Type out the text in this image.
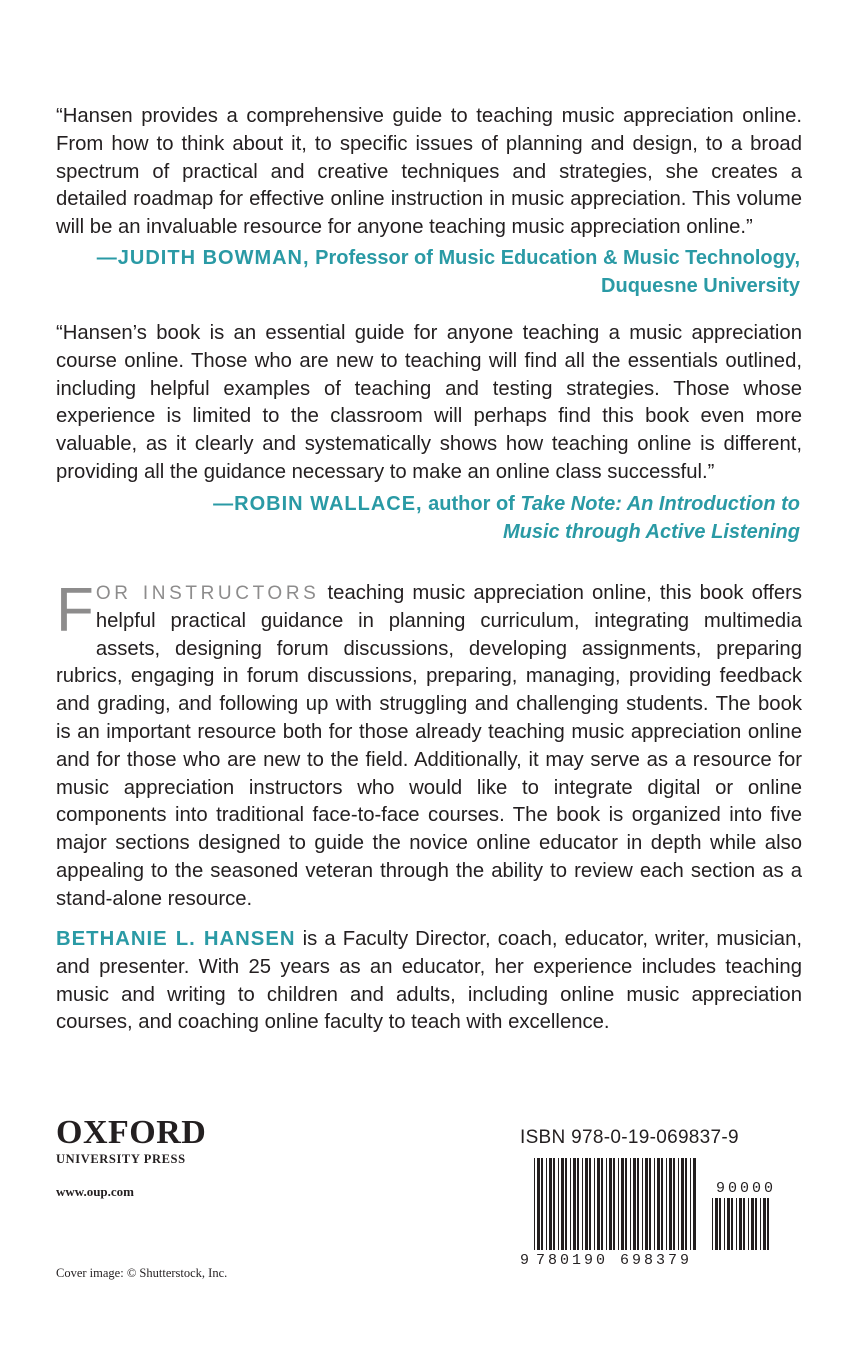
“Hansen provides a comprehensive guide to teaching music appreciation online. From how to think about it, to specific issues of planning and design, to a broad spectrum of practical and creative techniques and strategies, she creates a detailed roadmap for effective online instruction in music appreciation. This volume will be an invaluable resource for anyone teaching music appreciation online.”

—JUDITH BOWMAN, Professor of Music Education & Music Technology,
Duquesne University

“Hansen’s book is an essential guide for anyone teaching a music appreciation course online. Those who are new to teaching will find all the essentials outlined, including helpful examples of teaching and testing strategies. Those whose experience is limited to the classroom will perhaps find this book even more valuable, as it clearly and systematically shows how teaching online is different, providing all the guidance necessary to make an online class successful.”

—ROBIN WALLACE, author of Take Note: An Introduction to
Music through Active Listening

FOR INSTRUCTORS teaching music appreciation online, this book offers helpful practical guidance in planning curriculum, integrating multimedia assets, designing forum discussions, developing assignments, preparing rubrics, engaging in forum discussions, preparing, managing, providing feedback and grading, and following up with struggling and challenging students. The book is an important resource both for those already teaching music appreciation online and for those who are new to the field. Additionally, it may serve as a resource for music appreciation instructors who would like to integrate digital or online components into traditional face-to-face courses. The book is organized into five major sections designed to guide the novice online educator in depth while also appealing to the seasoned veteran through the ability to review each section as a stand-alone resource.

BETHANIE L. HANSEN is a Faculty Director, coach, educator, writer, musician, and presenter. With 25 years as an educator, her experience includes teaching music and writing to children and adults, including online music appreciation courses, and coaching online faculty to teach with excellence.

OXFORD
UNIVERSITY PRESS
www.oup.com
Cover image: © Shutterstock, Inc.
ISBN 978-0-19-069837-9
9 780190 698379
90000
